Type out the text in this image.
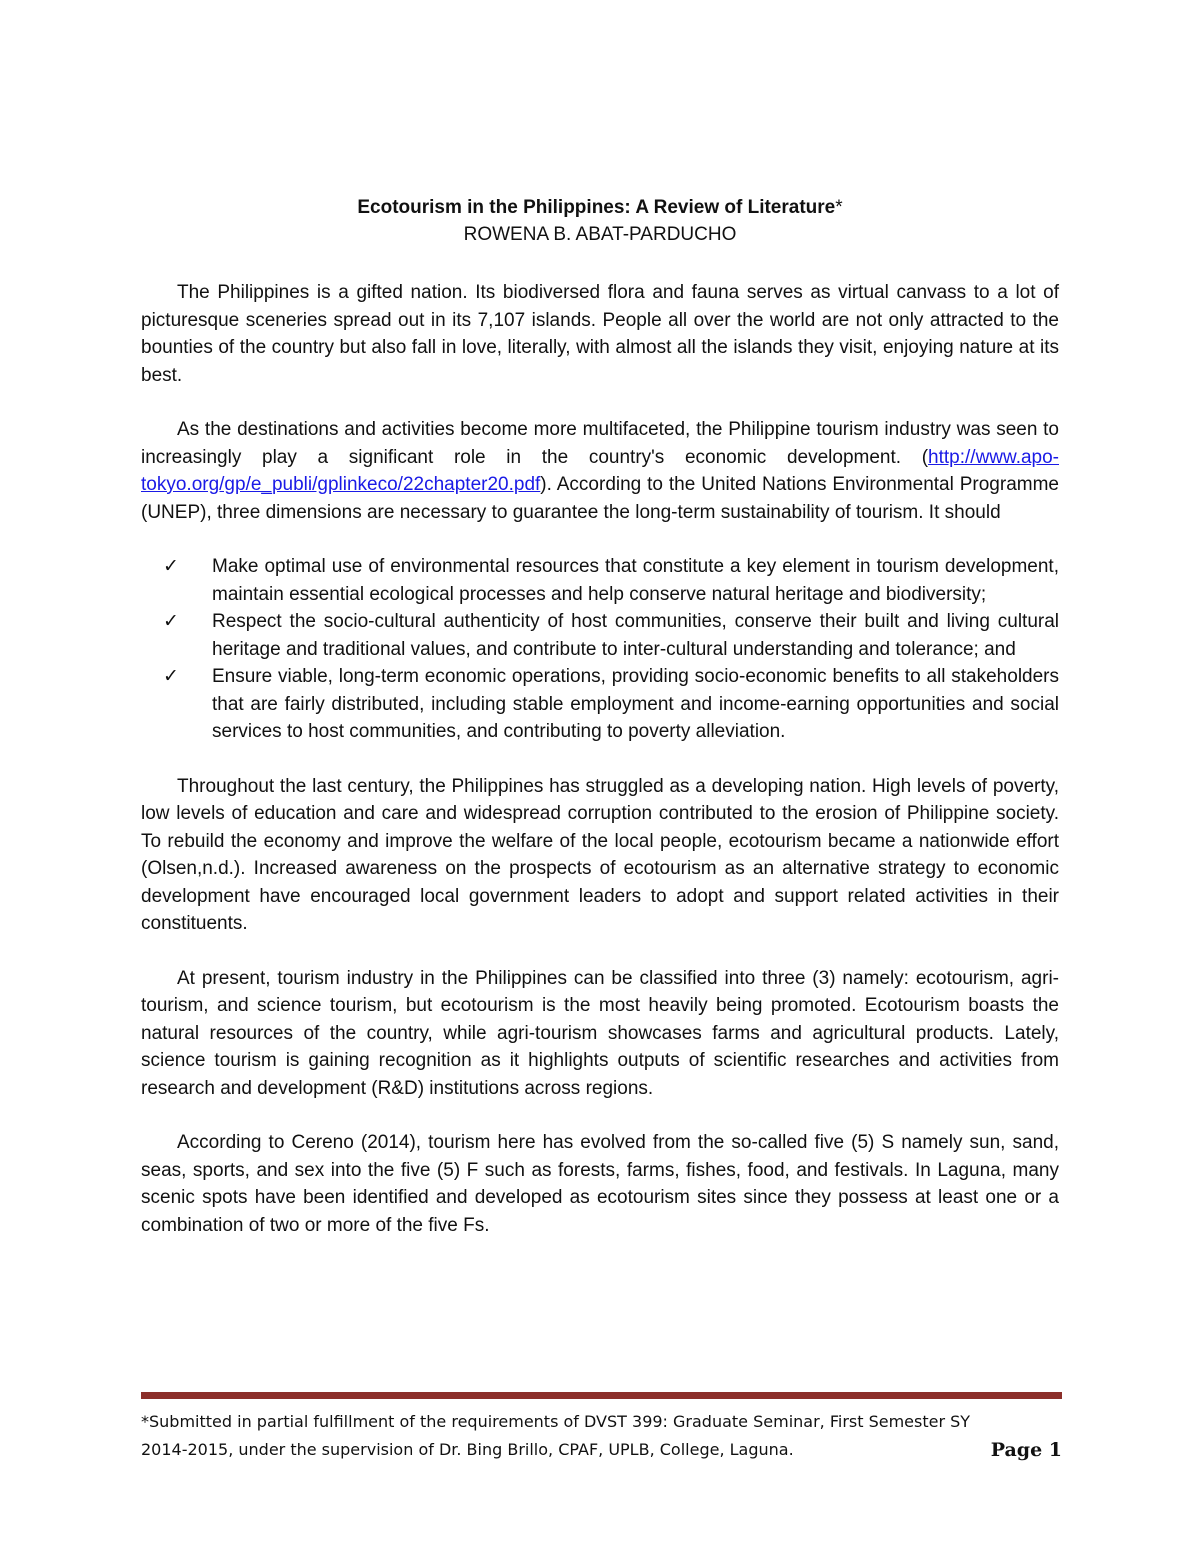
Ecotourism in the Philippines: A Review of Literature*
ROWENA B. ABAT-PARDUCHO

The Philippines is a gifted nation. Its biodiversed flora and fauna serves as virtual canvass to a lot of picturesque sceneries spread out in its 7,107 islands. People all over the world are not only attracted to the bounties of the country but also fall in love, literally, with almost all the islands they visit, enjoying nature at its best.

As the destinations and activities become more multifaceted, the Philippine tourism industry was seen to increasingly play a significant role in the country's economic development. (http://www.apo-tokyo.org/gp/e_publi/gplinkeco/22chapter20.pdf). According to the United Nations Environmental Programme (UNEP), three dimensions are necessary to guarantee the long-term sustainability of tourism. It should

✓ Make optimal use of environmental resources that constitute a key element in tourism development, maintain essential ecological processes and help conserve natural heritage and biodiversity;
✓ Respect the socio-cultural authenticity of host communities, conserve their built and living cultural heritage and traditional values, and contribute to inter-cultural understanding and tolerance; and
✓ Ensure viable, long-term economic operations, providing socio-economic benefits to all stakeholders that are fairly distributed, including stable employment and income-earning opportunities and social services to host communities, and contributing to poverty alleviation.

Throughout the last century, the Philippines has struggled as a developing nation. High levels of poverty, low levels of education and care and widespread corruption contributed to the erosion of Philippine society. To rebuild the economy and improve the welfare of the local people, ecotourism became a nationwide effort (Olsen,n.d.). Increased awareness on the prospects of ecotourism as an alternative strategy to economic development have encouraged local government leaders to adopt and support related activities in their constituents.

At present, tourism industry in the Philippines can be classified into three (3) namely: ecotourism, agri-tourism, and science tourism, but ecotourism is the most heavily being promoted. Ecotourism boasts the natural resources of the country, while agri-tourism showcases farms and agricultural products. Lately, science tourism is gaining recognition as it highlights outputs of scientific researches and activities from research and development (R&D) institutions across regions.

According to Cereno (2014), tourism here has evolved from the so-called five (5) S namely sun, sand, seas, sports, and sex into the five (5) F such as forests, farms, fishes, food, and festivals. In Laguna, many scenic spots have been identified and developed as ecotourism sites since they possess at least one or a combination of two or more of the five Fs.

*Submitted in partial fulfillment of the requirements of DVST 399: Graduate Seminar, First Semester SY
2014-2015, under the supervision of Dr. Bing Brillo, CPAF, UPLB, College, Laguna.	Page 1
